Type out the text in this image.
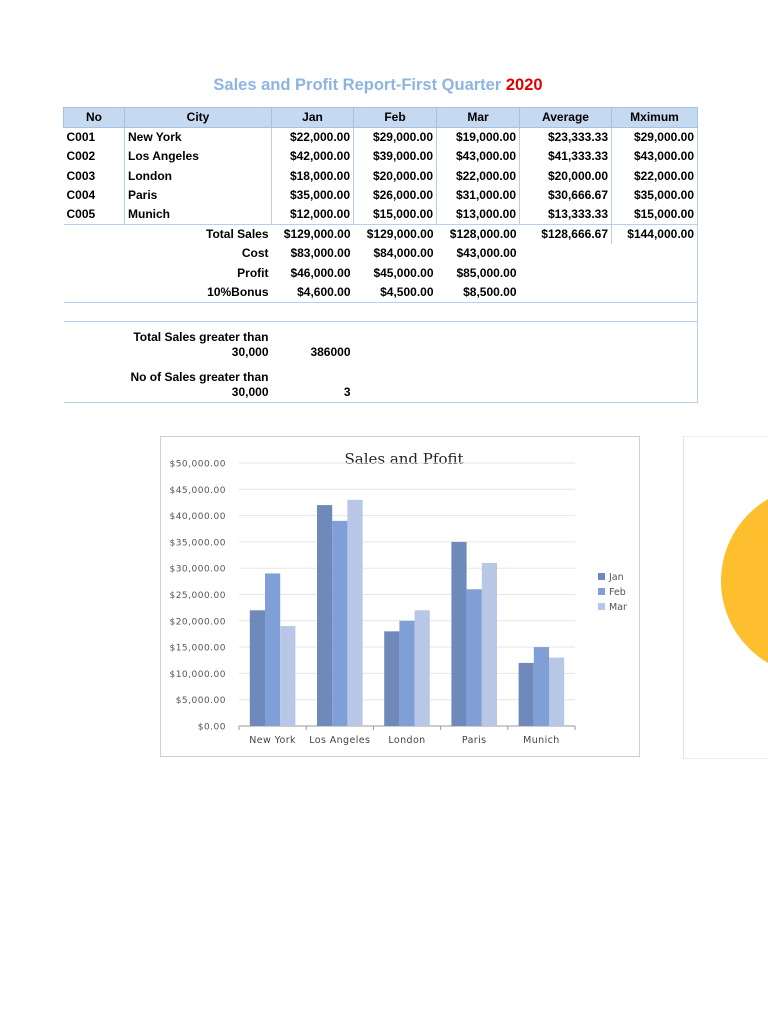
Sales and Profit Report-First Quarter 2020
No	City	Jan	Feb	Mar	Average	Mximum
C001	New York	$22,000.00	$29,000.00	$19,000.00	$23,333.33	$29,000.00
C002	Los Angeles	$42,000.00	$39,000.00	$43,000.00	$41,333.33	$43,000.00
C003	London	$18,000.00	$20,000.00	$22,000.00	$20,000.00	$22,000.00
C004	Paris	$35,000.00	$26,000.00	$31,000.00	$30,666.67	$35,000.00
C005	Munich	$12,000.00	$15,000.00	$13,000.00	$13,333.33	$15,000.00
Total Sales		$129,000.00	$129,000.00	$128,000.00	$128,666.67	$144,000.00
Cost		$83,000.00	$84,000.00	$43,000.00		
Profit		$46,000.00	$45,000.00	$85,000.00		
10%Bonus		$4,600.00	$4,500.00	$8,500.00		

	Total Sales greater than
30,000	386000				

	No of Sales greater than
30,000	3				
Sales and Pfofit
$0.00
$5,000.00
$10,000.00
$15,000.00
$20,000.00
$25,000.00
$30,000.00
$35,000.00
$40,000.00
$45,000.00
$50,000.00
New York Los Angeles London	Paris	Munich
Jan
Feb
Mar
